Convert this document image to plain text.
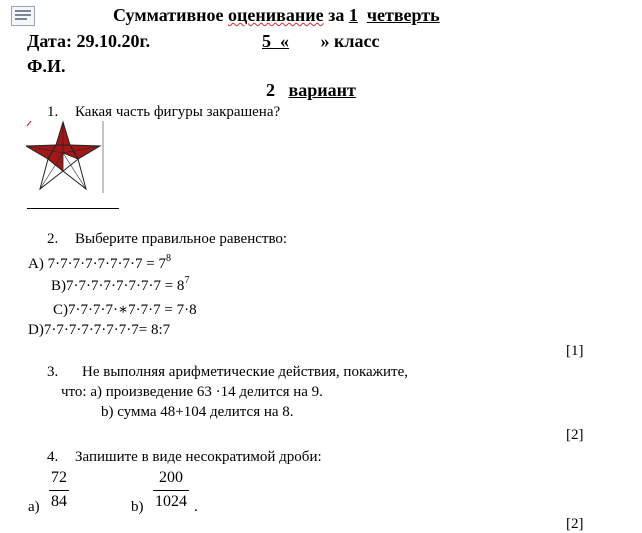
Суммативное оценивание за 1 четверть
Дата: 29.10.20г.	5 « » класс
Ф.И.
2 вариант
1. Какая часть фигуры закрашена?
2. Выберите правильное равенство:
A) $7\cdot 7\cdot 7\cdot 7\cdot 7\cdot 7\cdot 7\cdot 7 = 7^8$
$B)7\cdot 7\cdot 7\cdot 7\cdot 7\cdot 7\cdot 7\cdot 7 = 8^7$
C)7·7·7·7·∗7·7·7 = 7·8
D)7·7·7·7·7·7·7·7= 8:7
[1]
3. Не выполняя арифметические действия, покажите,
что: а) произведение 63 ·14 делится на 9.
b) сумма 48+104 делится на 8.
[2]
4. Запишите в виде несократимой дроби:
$а) \frac{72}{84}$	$b) \frac{200}{1024}$ .
[2]
